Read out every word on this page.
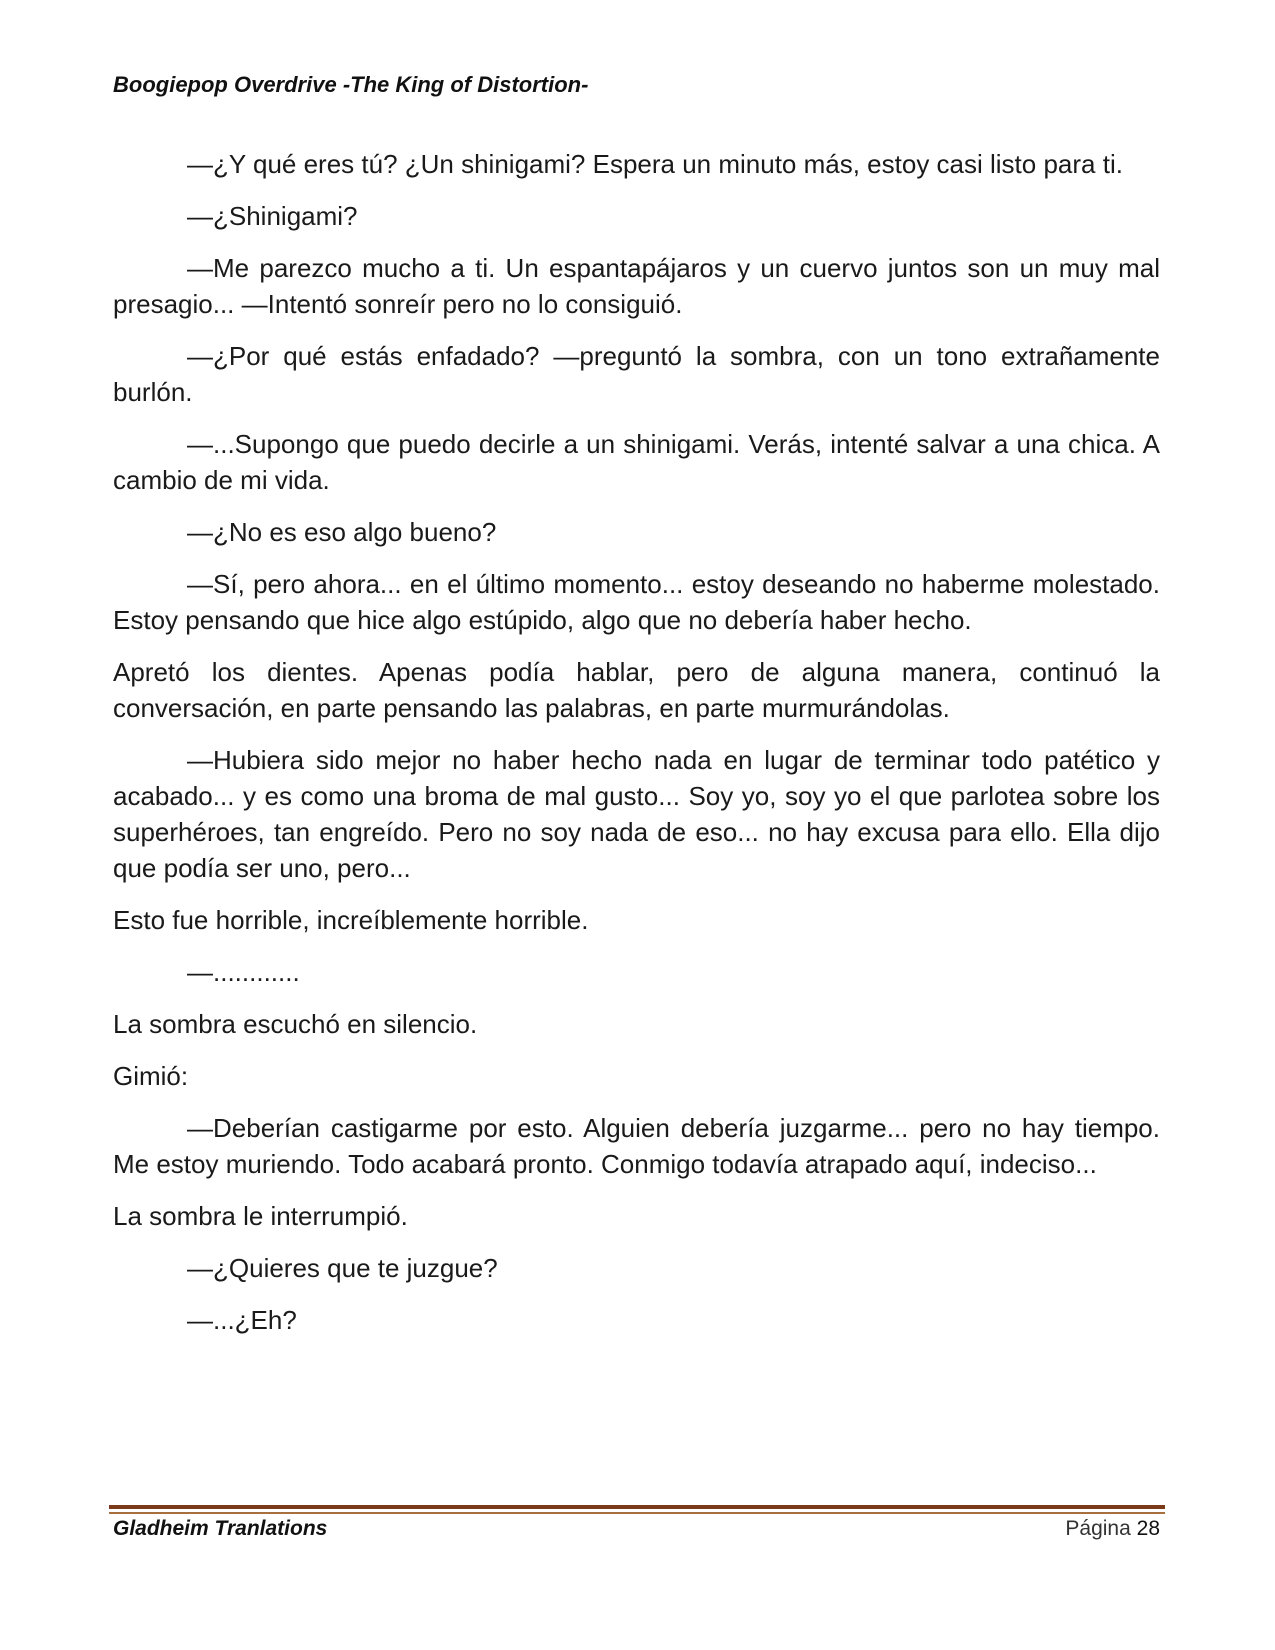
Boogiepop Overdrive -The King of Distortion-

—¿Y qué eres tú? ¿Un shinigami? Espera un minuto más, estoy casi listo para ti.

—¿Shinigami?

—Me parezco mucho a ti. Un espantapájaros y un cuervo juntos son un muy mal presagio... —Intentó sonreír pero no lo consiguió.

—¿Por qué estás enfadado? —preguntó la sombra, con un tono extrañamente burlón.

—...Supongo que puedo decirle a un shinigami. Verás, intenté salvar a una chica. A cambio de mi vida.

—¿No es eso algo bueno?

—Sí, pero ahora... en el último momento... estoy deseando no haberme molestado. Estoy pensando que hice algo estúpido, algo que no debería haber hecho.

Apretó los dientes. Apenas podía hablar, pero de alguna manera, continuó la conversación, en parte pensando las palabras, en parte murmurándolas.

—Hubiera sido mejor no haber hecho nada en lugar de terminar todo patético y acabado... y es como una broma de mal gusto... Soy yo, soy yo el que parlotea sobre los superhéroes, tan engreído. Pero no soy nada de eso... no hay excusa para ello. Ella dijo que podía ser uno, pero...

Esto fue horrible, increíblemente horrible.

—............

La sombra escuchó en silencio.

Gimió:

—Deberían castigarme por esto. Alguien debería juzgarme... pero no hay tiempo. Me estoy muriendo. Todo acabará pronto. Conmigo todavía atrapado aquí, indeciso...

La sombra le interrumpió.

—¿Quieres que te juzgue?

—...¿Eh?

Gladheim Tranlations	Página 28
